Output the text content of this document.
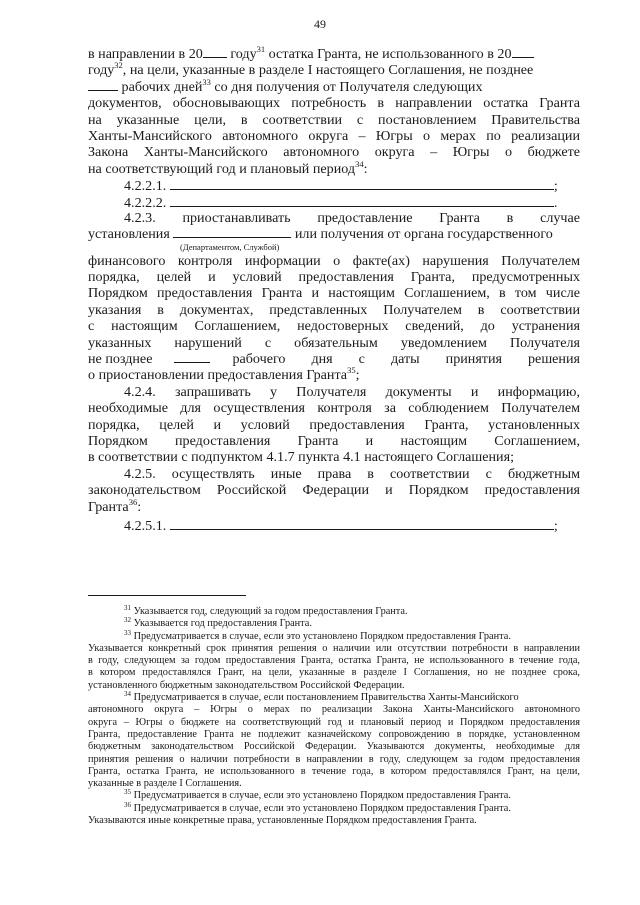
49
в направлении в 20 году$^{31}$ остатка Гранта, не использованного в 20
году$^{32}$, на цели, указанные в разделе I настоящего Соглашения, не позднее
рабочих дней$^{33}$ со дня получения от Получателя следующих
документов, обосновывающих потребность в направлении остатка Гранта
на указанные цели, в соответствии с постановлением Правительства
Ханты-Мансийского автономного округа – Югры о мерах по реализации
Закона Ханты-Мансийского автономного округа – Югры о бюджете
на соответствующий год и плановый период$^{34}$:
4.2.2.1.	;
4.2.2.2.	.
4.2.3. приостанавливать предоставление Гранта в случае
установления	или получения от органа государственного
(Департаментом, Службой)
финансового контроля информации о факте(ах) нарушения Получателем
порядка, целей и условий предоставления Гранта, предусмотренных
Порядком предоставления Гранта и настоящим Соглашением, в том числе
указания в документах, представленных Получателем в соответствии
с настоящим Соглашением, недостоверных сведений, до устранения
указанных нарушений с обязательным уведомлением Получателя
не позднее	рабочего дня с даты принятия решения
о приостановлении предоставления Гранта$^{35}$;
4.2.4. запрашивать у Получателя документы и информацию,
необходимые для осуществления контроля за соблюдением Получателем
порядка, целей и условий предоставления Гранта, установленных
Порядком предоставления Гранта и настоящим Соглашением,
в соответствии с подпунктом 4.1.7 пункта 4.1 настоящего Соглашения;
4.2.5. осуществлять иные права в соответствии с бюджетным
законодательством Российской Федерации и Порядком предоставления
Гранта$^{36}$:
4.2.5.1.	;
$^{31}$ Указывается год, следующий за годом предоставления Гранта.
$^{32}$ Указывается год предоставления Гранта.
$^{33}$ Предусматривается в случае, если это установлено Порядком предоставления Гранта.
Указывается конкретный срок принятия решения о наличии или отсутствии потребности в направлении
в году, следующем за годом предоставления Гранта, остатка Гранта, не использованного в течение года,
в котором предоставлялся Грант, на цели, указанные в разделе I Соглашения, но не позднее срока,
установленного бюджетным законодательством Российской Федерации.
$^{34}$ Предусматривается в случае, если постановлением Правительства Ханты-Мансийского
автономного округа – Югры о мерах по реализации Закона Ханты-Мансийского автономного
округа – Югры о бюджете на соответствующий год и плановый период и Порядком предоставления
Гранта, предоставление Гранта не подлежит казначейскому сопровождению в порядке, установленном
бюджетным законодательством Российской Федерации. Указываются документы, необходимые для
принятия решения о наличии потребности в направлении в году, следующем за годом предоставления
Гранта, остатка Гранта, не использованного в течение года, в котором предоставлялся Грант, на цели,
указанные в разделе I Соглашения.
$^{35}$ Предусматривается в случае, если это установлено Порядком предоставления Гранта.
$^{36}$ Предусматривается в случае, если это установлено Порядком предоставления Гранта.
Указываются иные конкретные права, установленные Порядком предоставления Гранта.
